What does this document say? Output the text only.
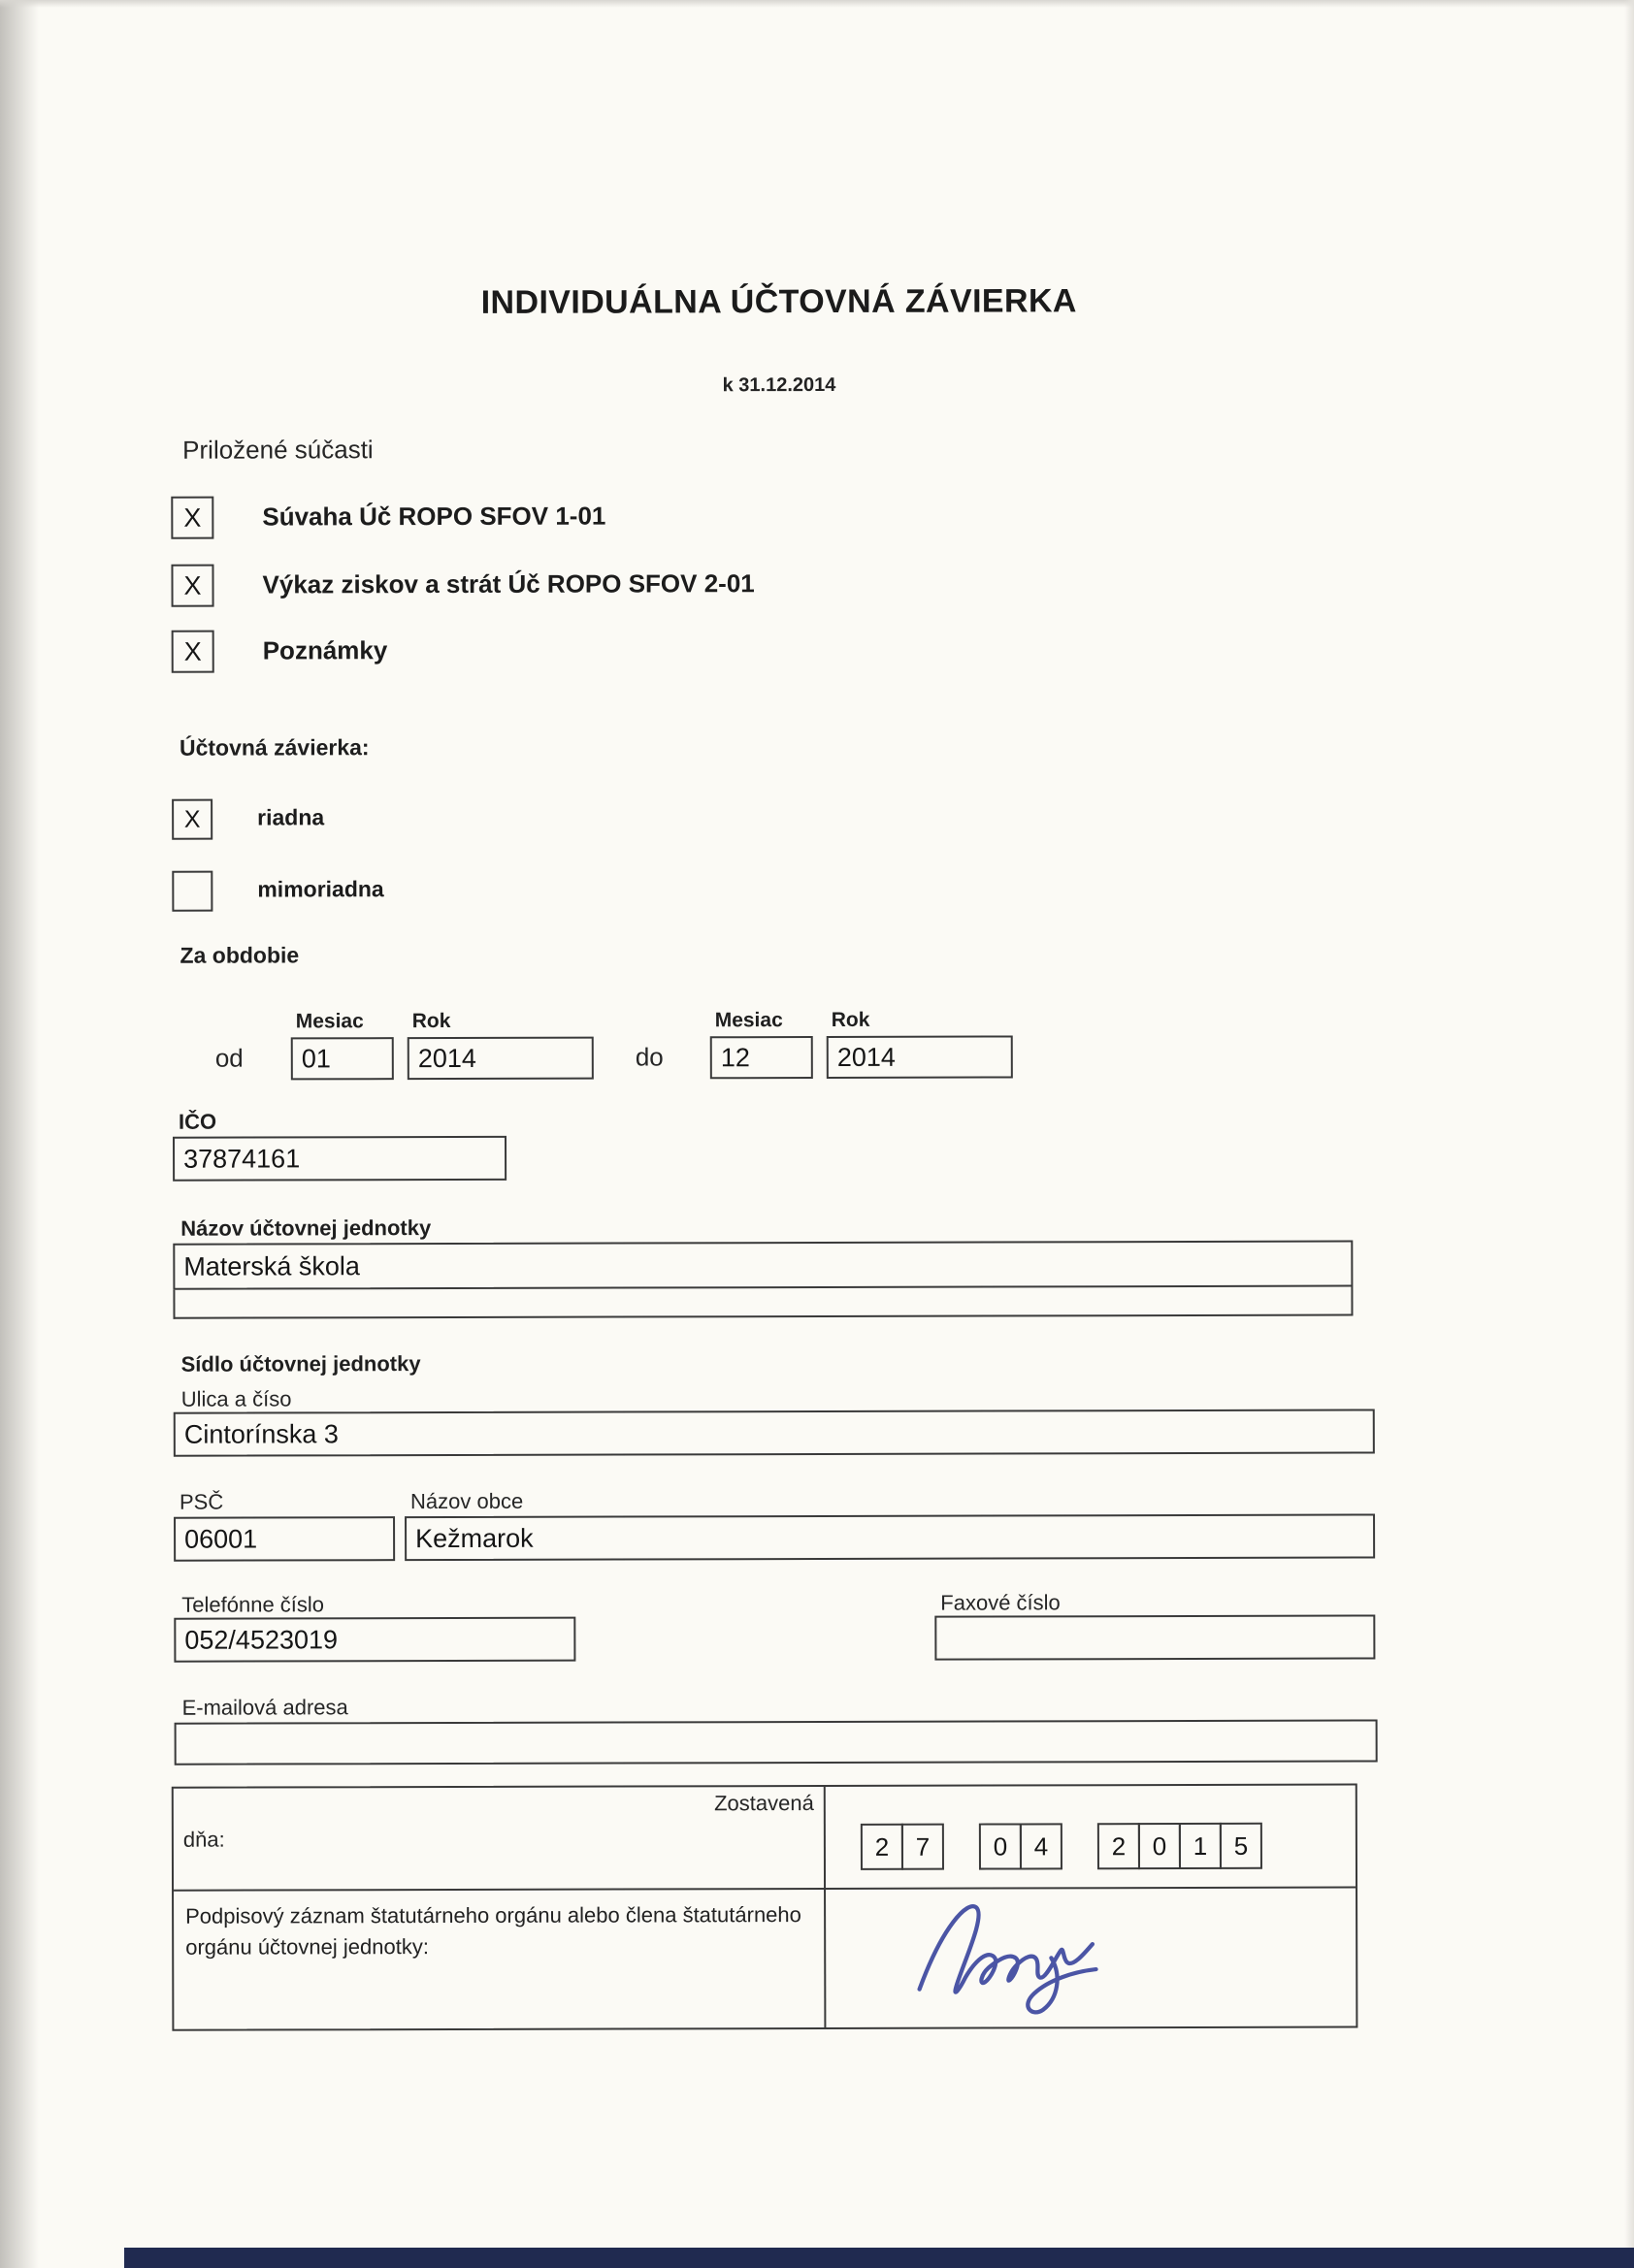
INDIVIDUÁLNA ÚČTOVNÁ ZÁVIERKA
k 31.12.2014
Priložené súčasti
X Súvaha Úč ROPO SFOV 1-01
X Výkaz ziskov a strát Úč ROPO SFOV 2-01
X Poznámky
Účtovná závierka:
X	riadna
mimoriadna
Za obdobie
Mesiac Rok
od 01	2014
Mesiac Rok
do 12	2014
IČO
37874161
Názov účtovnej jednotky
Materská škola
Sídlo účtovnej jednotky
Ulica a číso
Cintorínska 3
PSČ
06001
Názov obce
Kežmarok
Telefónne číslo
052/4523019
Faxové číslo
E-mailová adresa
Zostavená
dňa:	2	7	0	4	2	0	1	5
Podpisový záznam štatutárneho orgánu alebo člena štatutárneho orgánu účtovnej jednotky:
